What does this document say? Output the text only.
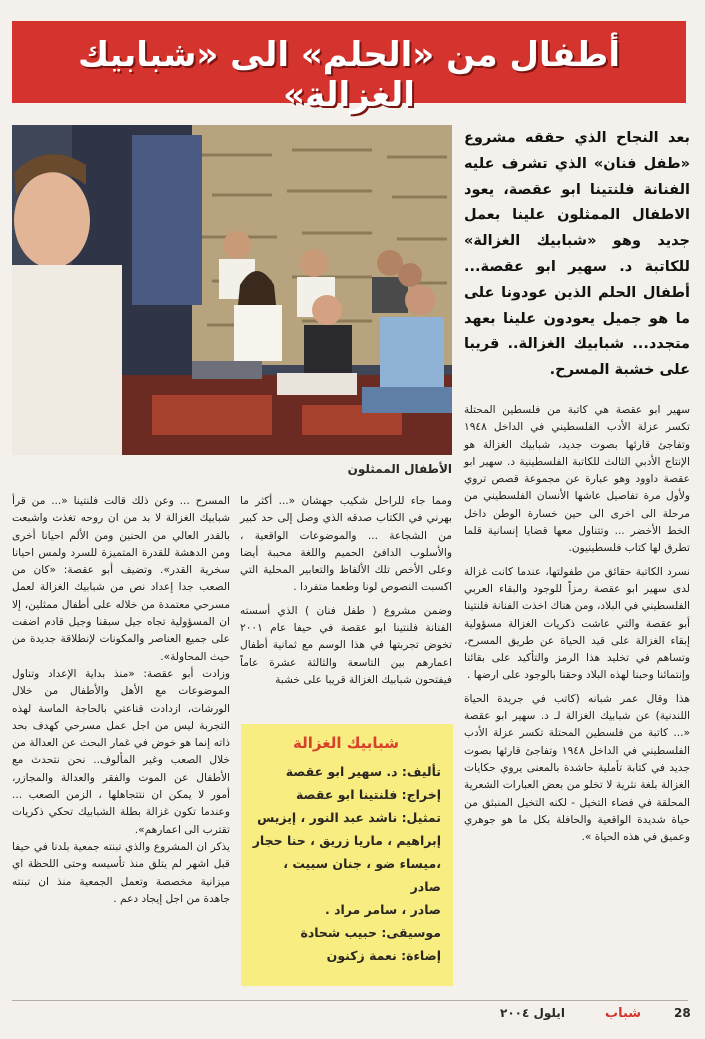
أطفال من «الحلم» الى «شبابيك الغزالة»
الأطفال الممثلون
بعد النجاح الذي حققه مشروع «طفل فنان» الذي تشرف عليه الفنانة فلنتينا ابو عقصة، يعود الاطفال الممثلون علينا بعمل جديد وهو «شبابيك الغزالة» للكاتبة د. سهير ابو عقصة... أطفال الحلم الذين عودونا على ما هو جميل يعودون علينا بعهد متجدد... شبابيك الغزالة.. قريبا على خشبة المسرح.

سهير ابو عقصة هي كاتبة من فلسطين المحتلة تكسر عزلة الأدب الفلسطيني في الداخل ١٩٤٨ وتفاجئ قارئها بصوت جديد، شبابيك الغزالة هو الإنتاج الأدبي الثالث للكاتبة الفلسطينية د. سهير ابو عقصة داوود وهو عبارة عن مجموعة قصص تروي ولأول مرة تفاصيل عاشها الأنسان الفلسطيني من مرحلة الى اخرى الى حين خسارة الوطن داخل الخط الأخضر ... وتتناول معها قضايا إنسانية قلما تطرق لها كتاب فلسطينيون.

نسرد الكاتبة حقائق من طفولتها، عندما كانت غزالة لدى سهير ابو عقصة رمزاً للوجود والبقاء العربي الفلسطيني في البلاد، ومن هناك اخذت الفنانة فلنتينا أبو عقصة والتي عاشت ذكريات الغزالة مسؤولية إبقاء الغزالة على قيد الحياة عن طريق المسرح، وتساهم في تخليد هذا الرمز والتأكيد على بقائنا وإنتمائنا وحبنا لهذه البلاد وحقنا بالوجود على ارضها .

هذا وقال عمر شبانه (كاتب في جريدة الحياة اللندنية) عن شبابيك الغزالة لـ د. سهير ابو عقصة «... كاتبة من فلسطين المحتلة تكسر عزلة الأدب الفلسطيني في الداخل ١٩٤٨ وتفاجئ قارئها بصوت جديد في كتابة تأملية حاشدة بالمعنى يروي حكايات الغزالة بلغة نثرية لا تخلو من بعض العبارات الشعرية المحلقة في فضاء التخيل - لكنه التخيل المنبثق من حياة شديدة الواقعية والحافلة بكل ما هو جوهري وعميق في هذه الحياة ».

ومما جاء للراحل شكيب جهشان «... أكثر ما بهرني في الكتاب صدقه الذي وصل إلى حد كبير من الشجاعة ... والموضوعات الواقعية ، والأسلوب الدافئ الحميم واللغة محببة أيضا وعلى الأخص تلك الألفاظ والتعابير المحلية التي اكسبت النصوص لونا وطعما متفردا .

وضمن مشروع ( طفل فنان ) الذي أسسته الفنانة فلنتينا ابو عقصة في حيفا عام ٢٠٠١ تخوض تجربتها في هذا الوسم مع ثمانية أطفال اعمارهم بين التاسعة والثالثة عشرة عاماً فيفتحون شبابيك الغزالة قريبا على خشبة

المسرح ... وعن ذلك قالت فلنتينا «... من قرأ شبابيك الغزالة لا بد من ان روحه تغذت واشبعت بالقدر العالي من الحنين ومن الألم احيانا أخرى ومن الدهشة للقدرة المتميزة للسرد ولمس احيانا سخرية القدر». وتضيف أبو عقصة: «كان من الصعب جدا إعداد نص من شبابيك الغزالة لعمل مسرحي معتمدة من خلاله على أطفال ممثلين، إلا ان المسؤولية تجاه جيل سبقنا وجيل قادم اضفت على جميع العناصر والمكونات لإنطلاقة جديدة من حيث المحاولة».

وزادت أبو عقصة: «منذ بداية الإعداد وتناول الموضوعات مع الأهل والأطفال من خلال الورشات، ازدادت قناعتي بالحاجة الماسة لهذه التجربة ليس من اجل عمل مسرحي كهدف بحد ذاته إنما هو خوض في غمار البحث عن العدالة من خلال الصعب وغير المألوف.. نحن نتحدث مع الأطفال عن الموت والفقر والعدالة والمجازر، أمور لا يمكن ان نتتجاهلها ، الزمن الصعب ... وعندما تكون غزالة بطلة الشبابيك تحكي ذكريات تقترب الى اعمارهم».

يذكر ان المشروع والذي تبنته جمعية بلدنا في حيفا قبل اشهر لم يتلق منذ تأسيسه وحتى اللحظة اي ميزانية مخصصة وتعمل الجمعية منذ ان تبنته جاهدة من اجل إيجاد دعم .

شبابيك الغزالة
تأليف: د. سهير ابو عقصة
إخراج: فلنتينا ابو عقصة
تمثيل: ناشد عبد النور ، إيزيس
إبراهيم ، ماريا زريق ، حنا حجار
،ميساء ضو ، جنان سبيت ، صادر
صادر ، سامر مراد .
موسيقى: حبيب شحادة
إضاءة: نعمة زكنون
28
شباب
ايلول ٢٠٠٤
